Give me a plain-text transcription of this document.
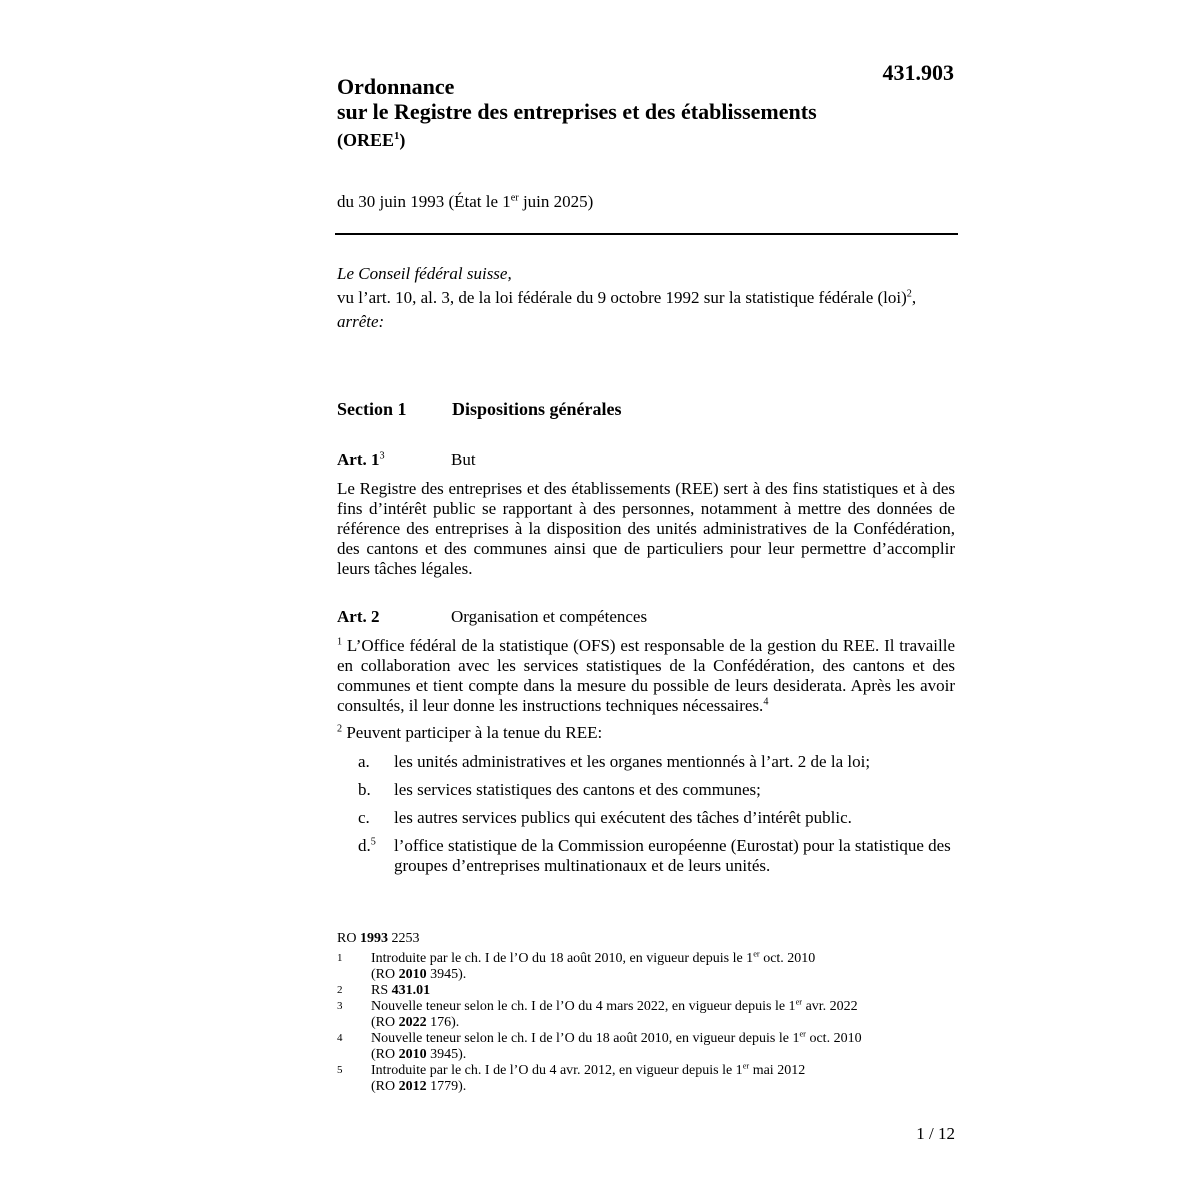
431.903
Ordonnance
sur le Registre des entreprises et des établissements
(OREE$^1$)
du 30 juin 1993 (État le 1er juin 2025)

Le Conseil fédéral suisse,

vu l’art. 10, al. 3, de la loi fédérale du 9 octobre 1992 sur la statistique fédérale (loi)$^2$,

arrête:

Section 1	Dispositions générales
Art. $1^3$	But
Le Registre des entreprises et des établissements (REE) sert à des fins statistiques et à des fins d’intérêt public se rapportant à des personnes, notamment à mettre des données de référence des entreprises à la disposition des unités administratives de la Confédération, des cantons et des communes ainsi que de particuliers pour leur permettre d’accomplir leurs tâches légales.
Art. 2	Organisation et compétences
$^1$ L’Office fédéral de la statistique (OFS) est responsable de la gestion du REE. Il travaille en collaboration avec les services statistiques de la Confédération, des cantons et des communes et tient compte dans la mesure du possible de leurs desiderata. Après les avoir consultés, il leur donne les instructions techniques nécessaires.$^4$
$^2$ Peuvent participer à la tenue du REE:
a.	les unités administratives et les organes mentionnés à l’art. 2 de la loi;
b.	les services statistiques des cantons et des communes;
c.	les autres services publics qui exécutent des tâches d’intérêt public.
d.$^5$	l’office statistique de la Commission européenne (Eurostat) pour la statistique des groupes d’entreprises multinationaux et de leurs unités.
RO 1993 2253
1	Introduite par le ch. I de l’O du 18 août 2010, en vigueur depuis le 1er oct. 2010
(RO 2010 3945).
2	RS 431.01
3	Nouvelle teneur selon le ch. I de l’O du 4 mars 2022, en vigueur depuis le 1er avr. 2022
(RO 2022 176).
4	Nouvelle teneur selon le ch. I de l’O du 18 août 2010, en vigueur depuis le 1er oct. 2010
(RO 2010 3945).
5	Introduite par le ch. I de l’O du 4 avr. 2012, en vigueur depuis le 1er mai 2012
(RO 2012 1779).
1 / 12
